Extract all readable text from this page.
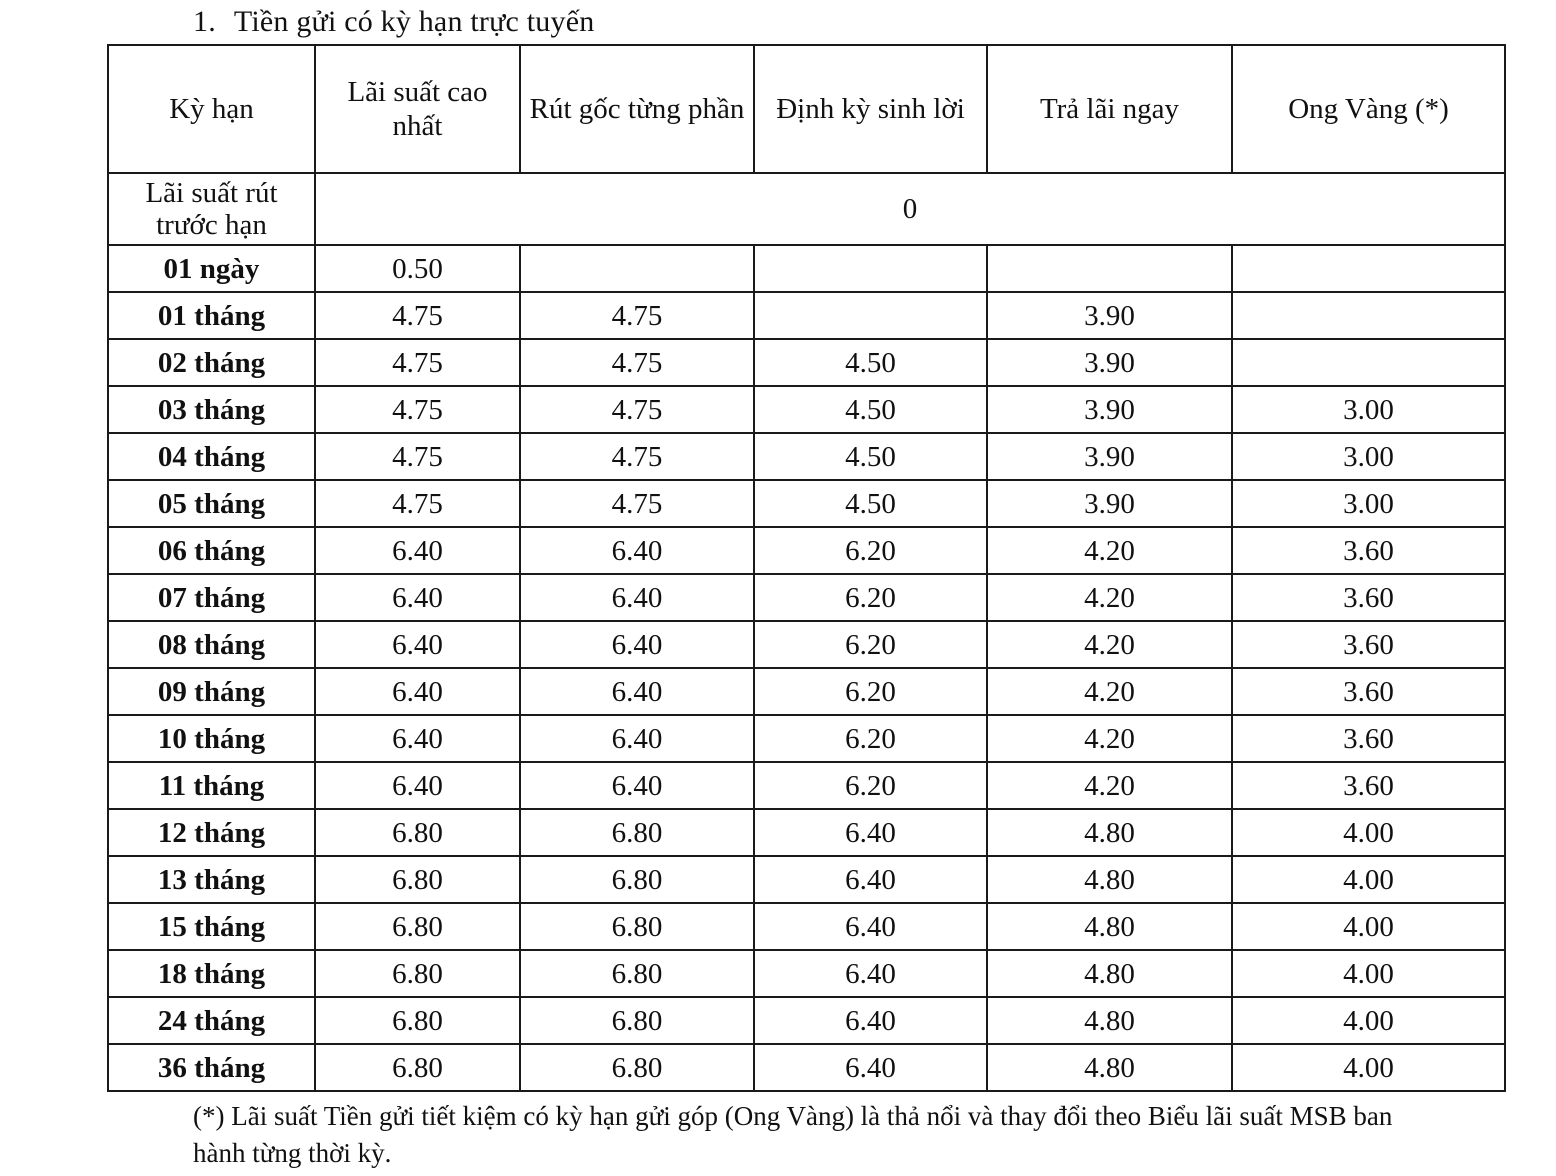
1. Tiền gửi có kỳ hạn trực tuyến
Kỳ hạn	Lãi suất cao nhất	Rút gốc từng phần	Định kỳ sinh lời	Trả lãi ngay	Ong Vàng (*)
Lãi suất rút trước hạn	0				
01 ngày	0.50				
01 tháng	4.75	4.75		3.90	
02 tháng	4.75	4.75	4.50	3.90	
03 tháng	4.75	4.75	4.50	3.90	3.00
04 tháng	4.75	4.75	4.50	3.90	3.00
05 tháng	4.75	4.75	4.50	3.90	3.00
06 tháng	6.40	6.40	6.20	4.20	3.60
07 tháng	6.40	6.40	6.20	4.20	3.60
08 tháng	6.40	6.40	6.20	4.20	3.60
09 tháng	6.40	6.40	6.20	4.20	3.60
10 tháng	6.40	6.40	6.20	4.20	3.60
11 tháng	6.40	6.40	6.20	4.20	3.60
12 tháng	6.80	6.80	6.40	4.80	4.00
13 tháng	6.80	6.80	6.40	4.80	4.00
15 tháng	6.80	6.80	6.40	4.80	4.00
18 tháng	6.80	6.80	6.40	4.80	4.00
24 tháng	6.80	6.80	6.40	4.80	4.00
36 tháng	6.80	6.80	6.40	4.80	4.00
(*) Lãi suất Tiền gửi tiết kiệm có kỳ hạn gửi góp (Ong Vàng) là thả nổi và thay đổi theo Biểu lãi suất MSB ban hành từng thời kỳ.
